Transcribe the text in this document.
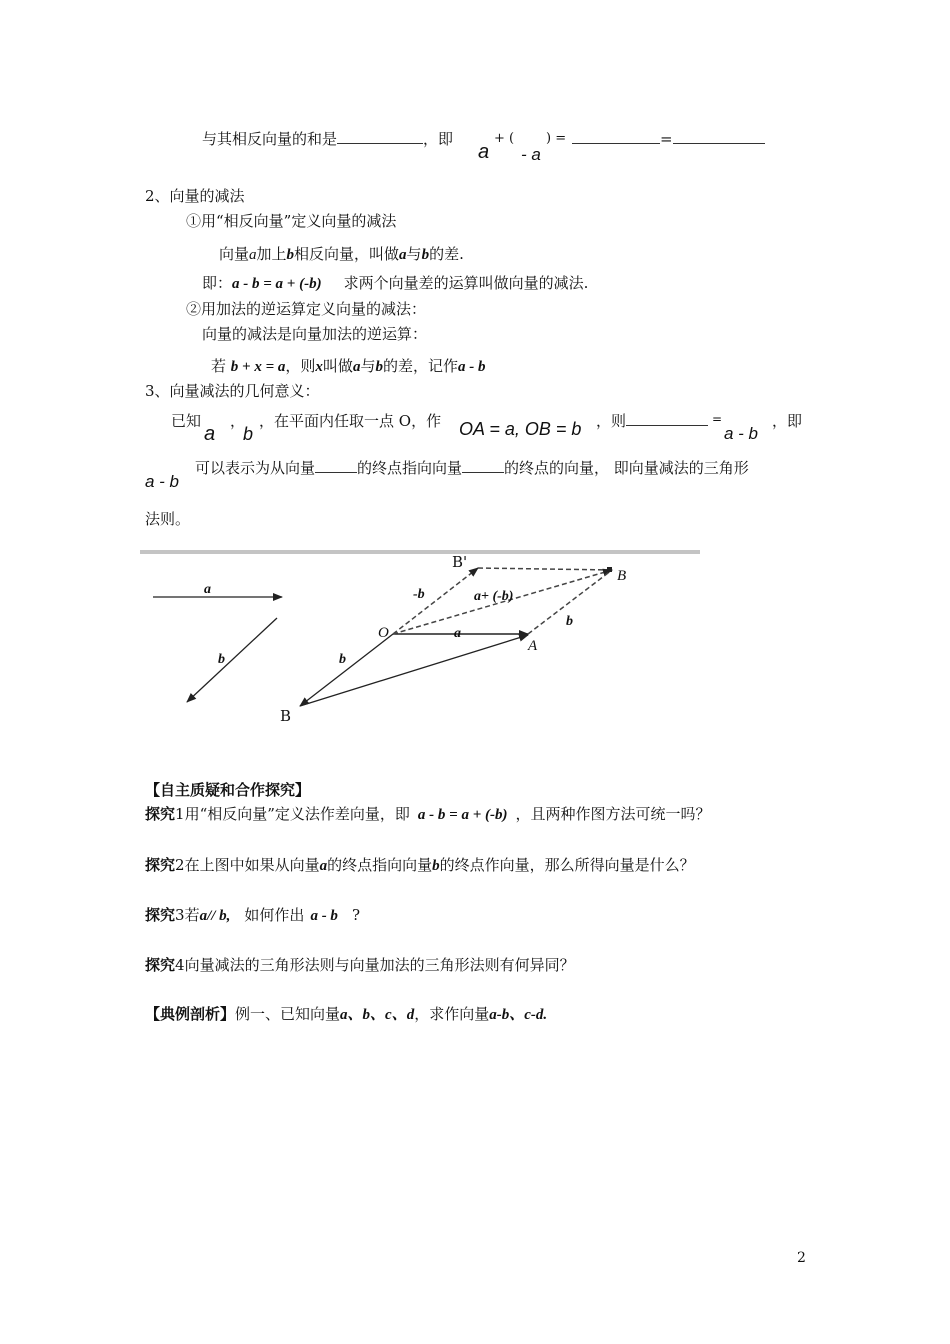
与其相反向量的和是	，即
a
+ (
- a
) =	=
2、向量的减法
①用“相反向量”定义向量的减法
向量a加上b相反向量，叫做a与b的差.
即：a - b = a + (-b) 求两个向量差的运算叫做向量的减法.
②用加法的逆运算定义向量的减法：
向量的减法是向量加法的逆运算：
若 b + x = a，则x叫做a与b的差，记作a - b
3、向量减法的几何意义：
已知
a
，
b
，在平面内任取一点 O，作 OA = a, OB = b ，则	=
a - b
，即
a - b
可以表示为从向量	的终点指向向量	的终点的向量， 即向量减法的三角形
法则。
a
b
O
A
B
B'
B
-b	a+ (-b)
a
b
b
【自主质疑和合作探究】
探究1用“相反向量”定义法作差向量，即 a - b = a + (-b) ，且两种作图方法可统一吗？
探究2在上图中如果从向量a的终点指向向量b的终点作向量，那么所得向量是什么？
探究3若a// b, 如何作出 a - b ?
探究4向量减法的三角形法则与向量加法的三角形法则有何异同？
【典例剖析】例一、已知向量a、b、c、d，求作向量a-b、c-d.
2
